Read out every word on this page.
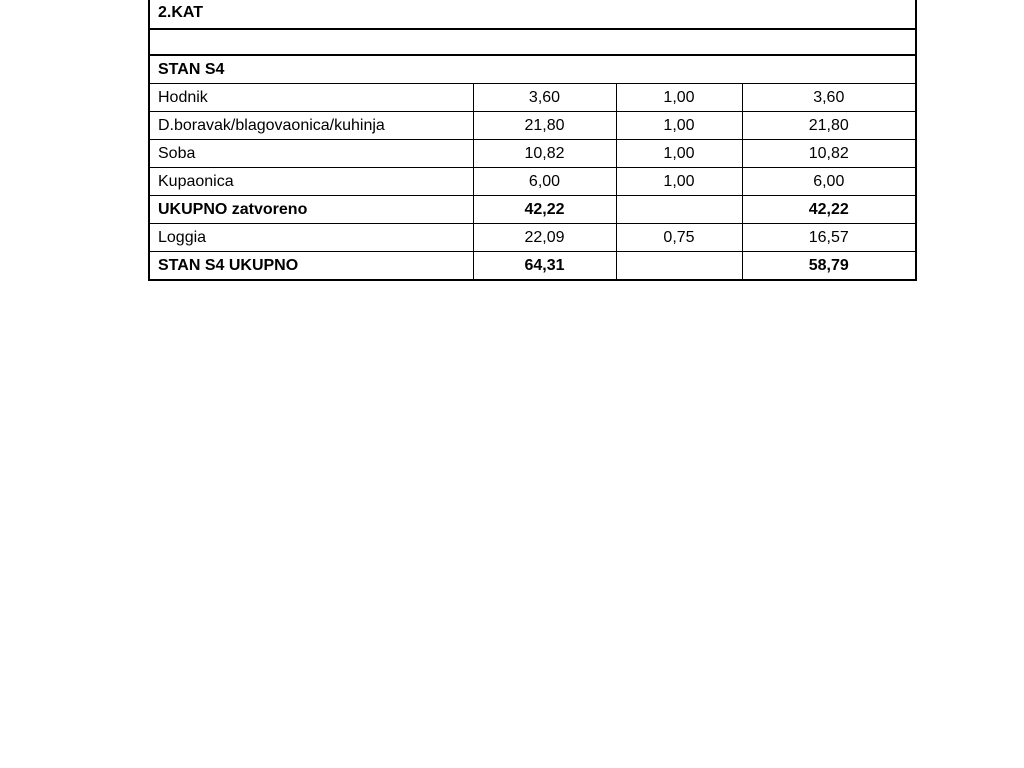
2.KAT			

STAN S4			
Hodnik	3,60	1,00	3,60
D.boravak/blagovaonica/kuhinja	21,80	1,00	21,80
Soba	10,82	1,00	10,82
Kupaonica	6,00	1,00	6,00
UKUPNO zatvoreno	42,22		42,22
Loggia	22,09	0,75	16,57
STAN S4 UKUPNO	64,31		58,79
